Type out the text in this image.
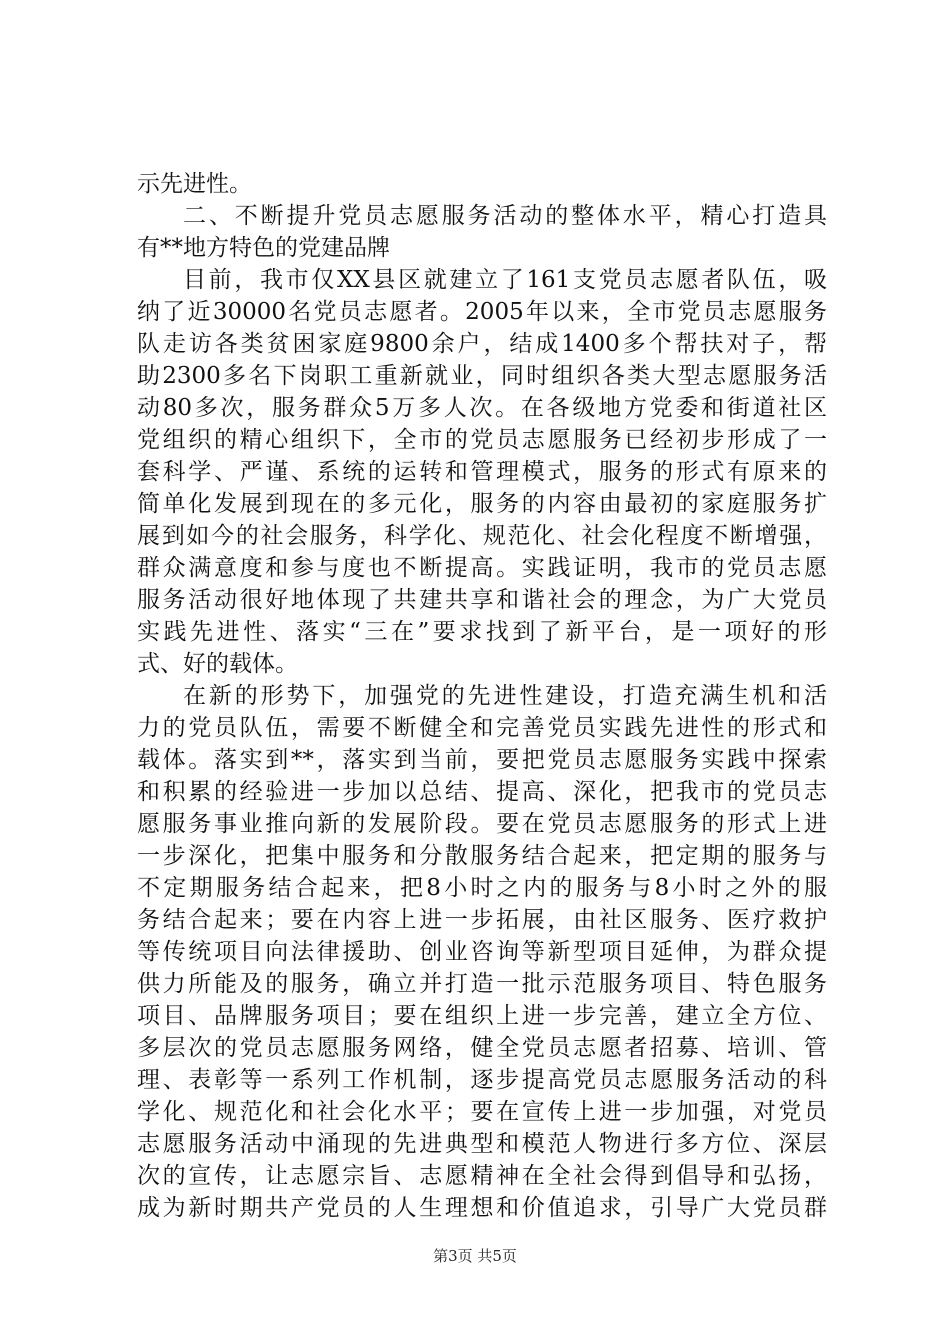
示先进性。
二、不断提升党员志愿服务活动的整体水平，精心打造具
有**地方特色的党建品牌
目前，我市仅XX县区就建立了161支党员志愿者队伍，吸
纳了近30000名党员志愿者。2005年以来，全市党员志愿服务
队走访各类贫困家庭9800余户，结成1400多个帮扶对子，帮
助2300多名下岗职工重新就业，同时组织各类大型志愿服务活
动80多次，服务群众5万多人次。在各级地方党委和街道社区
党组织的精心组织下，全市的党员志愿服务已经初步形成了一
套科学、严谨、系统的运转和管理模式，服务的形式有原来的
简单化发展到现在的多元化，服务的内容由最初的家庭服务扩
展到如今的社会服务，科学化、规范化、社会化程度不断增强，
群众满意度和参与度也不断提高。实践证明，我市的党员志愿
服务活动很好地体现了共建共享和谐社会的理念，为广大党员
实践先进性、落实“三在”要求找到了新平台，是一项好的形
式、好的载体。
在新的形势下，加强党的先进性建设，打造充满生机和活
力的党员队伍，需要不断健全和完善党员实践先进性的形式和
载体。落实到**，落实到当前，要把党员志愿服务实践中探索
和积累的经验进一步加以总结、提高、深化，把我市的党员志
愿服务事业推向新的发展阶段。要在党员志愿服务的形式上进
一步深化，把集中服务和分散服务结合起来，把定期的服务与
不定期服务结合起来，把8小时之内的服务与8小时之外的服
务结合起来；要在内容上进一步拓展，由社区服务、医疗救护
等传统项目向法律援助、创业咨询等新型项目延伸，为群众提
供力所能及的服务，确立并打造一批示范服务项目、特色服务
项目、品牌服务项目；要在组织上进一步完善，建立全方位、
多层次的党员志愿服务网络，健全党员志愿者招募、培训、管
理、表彰等一系列工作机制，逐步提高党员志愿服务活动的科
学化、规范化和社会化水平；要在宣传上进一步加强，对党员
志愿服务活动中涌现的先进典型和模范人物进行多方位、深层
次的宣传，让志愿宗旨、志愿精神在全社会得到倡导和弘扬，
成为新时期共产党员的人生理想和价值追求，引导广大党员群
第3页 共5页
